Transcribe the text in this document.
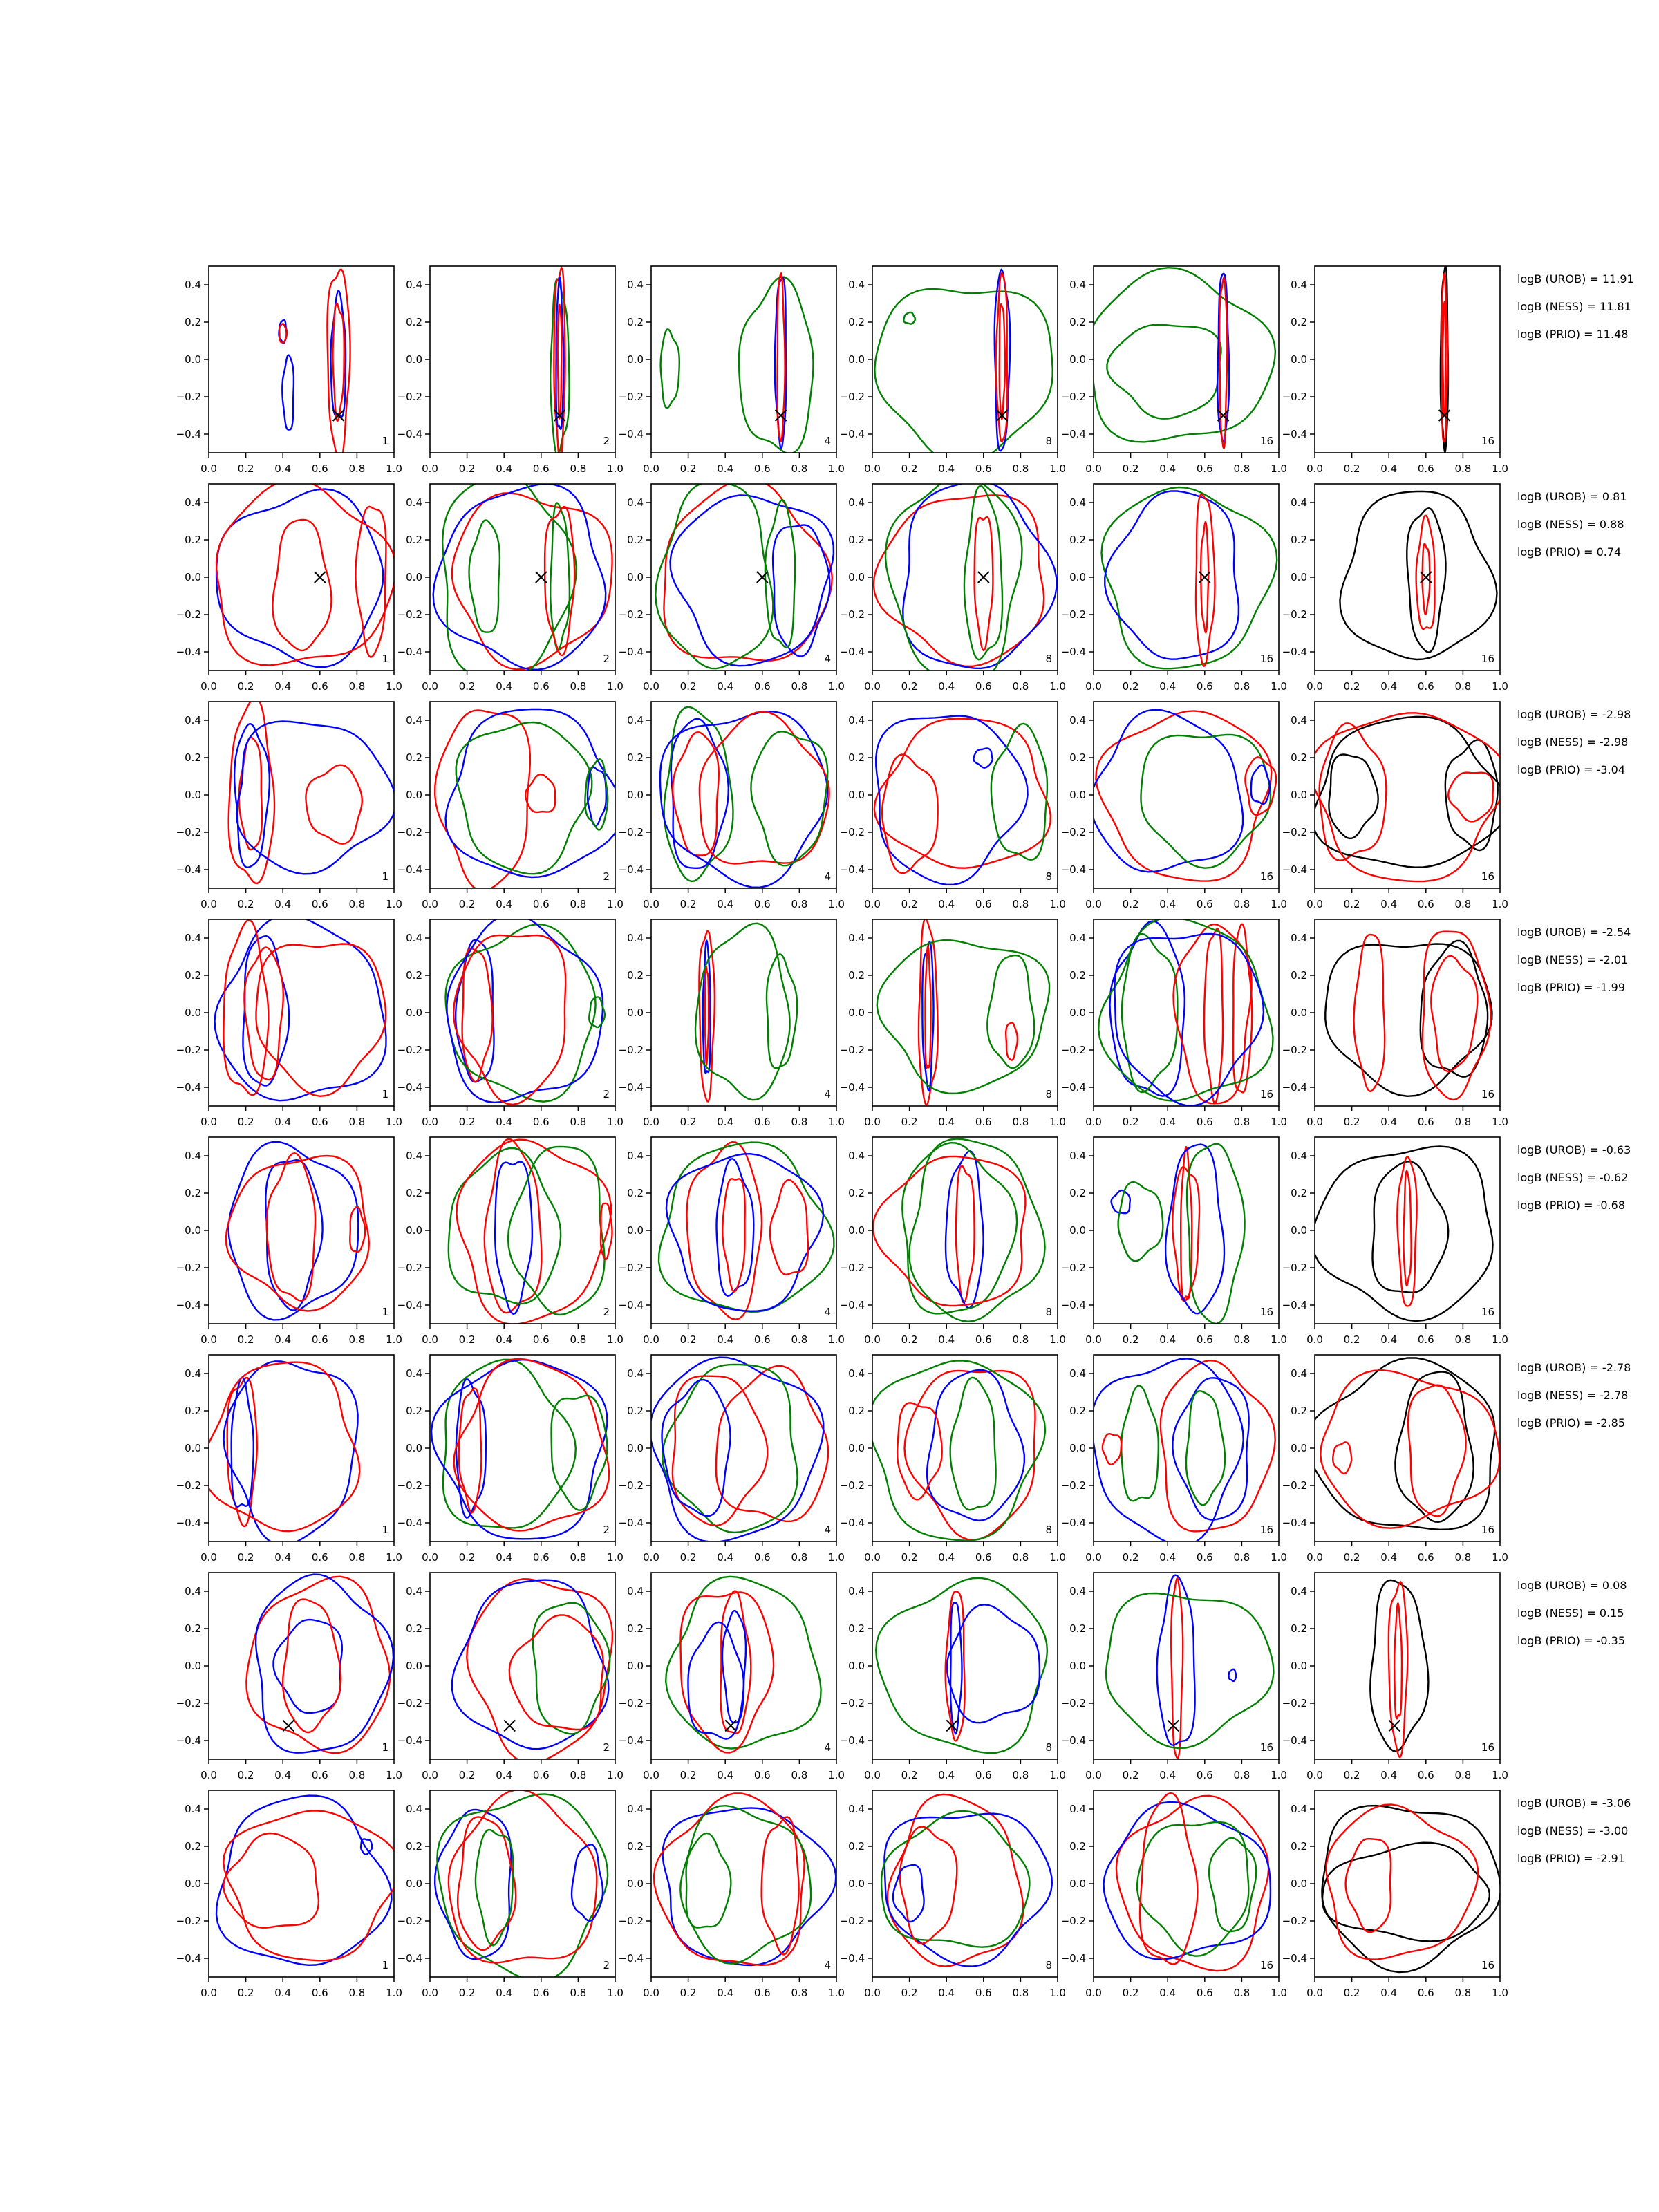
0.0 0.2 0.4 0.6 0.8 1.0
0.4
0.2
0.0
−0.2
−0.4
1
0.0 0.2 0.4 0.6 0.8 1.0
0.4
0.2
0.0
−0.2
−0.4
2
0.0 0.2 0.4 0.6 0.8 1.0
0.4
0.2
0.0
−0.2
−0.4
4
0.0 0.2 0.4 0.6 0.8 1.0
0.4
0.2
0.0
−0.2
−0.4
8
0.0 0.2 0.4 0.6 0.8 1.0
0.4
0.2
0.0
−0.2
−0.4
16
0.0 0.2 0.4 0.6 0.8 1.0
0.4
0.2
0.0
−0.2
−0.4
16
logB (UROB) = 11.91
logB (NESS) = 11.81
logB (PRIO) = 11.48
0.0 0.2 0.4 0.6 0.8 1.0
0.4
0.2
0.0
−0.2
−0.4
1
0.0 0.2 0.4 0.6 0.8 1.0
0.4
0.2
0.0
−0.2
−0.4
2
0.0 0.2 0.4 0.6 0.8 1.0
0.4
0.2
0.0
−0.2
−0.4
4
0.0 0.2 0.4 0.6 0.8 1.0
0.4
0.2
0.0
−0.2
−0.4
8
0.0 0.2 0.4 0.6 0.8 1.0
0.4
0.2
0.0
−0.2
−0.4
16
0.0 0.2 0.4 0.6 0.8 1.0
0.4
0.2
0.0
−0.2
−0.4
16
logB (UROB) = 0.81
logB (NESS) = 0.88
logB (PRIO) = 0.74
0.0 0.2 0.4 0.6 0.8 1.0
0.4
0.2
0.0
−0.2
−0.4
1
0.0 0.2 0.4 0.6 0.8 1.0
0.4
0.2
0.0
−0.2
−0.4
2
0.0 0.2 0.4 0.6 0.8 1.0
0.4
0.2
0.0
−0.2
−0.4
4
0.0 0.2 0.4 0.6 0.8 1.0
0.4
0.2
0.0
−0.2
−0.4
8
0.0 0.2 0.4 0.6 0.8 1.0
0.4
0.2
0.0
−0.2
−0.4
16
0.0 0.2 0.4 0.6 0.8 1.0
0.4
0.2
0.0
−0.2
−0.4
16
logB (UROB) = -2.98
logB (NESS) = -2.98
logB (PRIO) = -3.04
0.0 0.2 0.4 0.6 0.8 1.0
0.4
0.2
0.0
−0.2
−0.4
1
0.0 0.2 0.4 0.6 0.8 1.0
0.4
0.2
0.0
−0.2
−0.4
2
0.0 0.2 0.4 0.6 0.8 1.0
0.4
0.2
0.0
−0.2
−0.4
4
0.0 0.2 0.4 0.6 0.8 1.0
0.4
0.2
0.0
−0.2
−0.4
8
0.0 0.2 0.4 0.6 0.8 1.0
0.4
0.2
0.0
−0.2
−0.4
16
0.0 0.2 0.4 0.6 0.8 1.0
0.4
0.2
0.0
−0.2
−0.4
16
logB (UROB) = -2.54
logB (NESS) = -2.01
logB (PRIO) = -1.99
0.0 0.2 0.4 0.6 0.8 1.0
0.4
0.2
0.0
−0.2
−0.4
1
0.0 0.2 0.4 0.6 0.8 1.0
0.4
0.2
0.0
−0.2
−0.4
2
0.0 0.2 0.4 0.6 0.8 1.0
0.4
0.2
0.0
−0.2
−0.4
4
0.0 0.2 0.4 0.6 0.8 1.0
0.4
0.2
0.0
−0.2
−0.4
8
0.0 0.2 0.4 0.6 0.8 1.0
0.4
0.2
0.0
−0.2
−0.4
16
0.0 0.2 0.4 0.6 0.8 1.0
0.4
0.2
0.0
−0.2
−0.4
16
logB (UROB) = -0.63
logB (NESS) = -0.62
logB (PRIO) = -0.68
0.0 0.2 0.4 0.6 0.8 1.0
0.4
0.2
0.0
−0.2
−0.4
1
0.0 0.2 0.4 0.6 0.8 1.0
0.4
0.2
0.0
−0.2
−0.4
2
0.0 0.2 0.4 0.6 0.8 1.0
0.4
0.2
0.0
−0.2
−0.4
4
0.0 0.2 0.4 0.6 0.8 1.0
0.4
0.2
0.0
−0.2
−0.4
8
0.0 0.2 0.4 0.6 0.8 1.0
0.4
0.2
0.0
−0.2
−0.4
16
0.0 0.2 0.4 0.6 0.8 1.0
0.4
0.2
0.0
−0.2
−0.4
16
logB (UROB) = -2.78
logB (NESS) = -2.78
logB (PRIO) = -2.85
0.0 0.2 0.4 0.6 0.8 1.0
0.4
0.2
0.0
−0.2
−0.4
1
0.0 0.2 0.4 0.6 0.8 1.0
0.4
0.2
0.0
−0.2
−0.4
2
0.0 0.2 0.4 0.6 0.8 1.0
0.4
0.2
0.0
−0.2
−0.4
4
0.0 0.2 0.4 0.6 0.8 1.0
0.4
0.2
0.0
−0.2
−0.4
8
0.0 0.2 0.4 0.6 0.8 1.0
0.4
0.2
0.0
−0.2
−0.4
16
0.0 0.2 0.4 0.6 0.8 1.0
0.4
0.2
0.0
−0.2
−0.4
16
logB (UROB) = 0.08
logB (NESS) = 0.15
logB (PRIO) = -0.35
0.0 0.2 0.4 0.6 0.8 1.0
0.4
0.2
0.0
−0.2
−0.4
1
0.0 0.2 0.4 0.6 0.8 1.0
0.4
0.2
0.0
−0.2
−0.4
2
0.0 0.2 0.4 0.6 0.8 1.0
0.4
0.2
0.0
−0.2
−0.4
4
0.0 0.2 0.4 0.6 0.8 1.0
0.4
0.2
0.0
−0.2
−0.4
8
0.0 0.2 0.4 0.6 0.8 1.0
0.4
0.2
0.0
−0.2
−0.4
16
0.0 0.2 0.4 0.6 0.8 1.0
0.4
0.2
0.0
−0.2
−0.4
16
logB (UROB) = -3.06
logB (NESS) = -3.00
logB (PRIO) = -2.91
